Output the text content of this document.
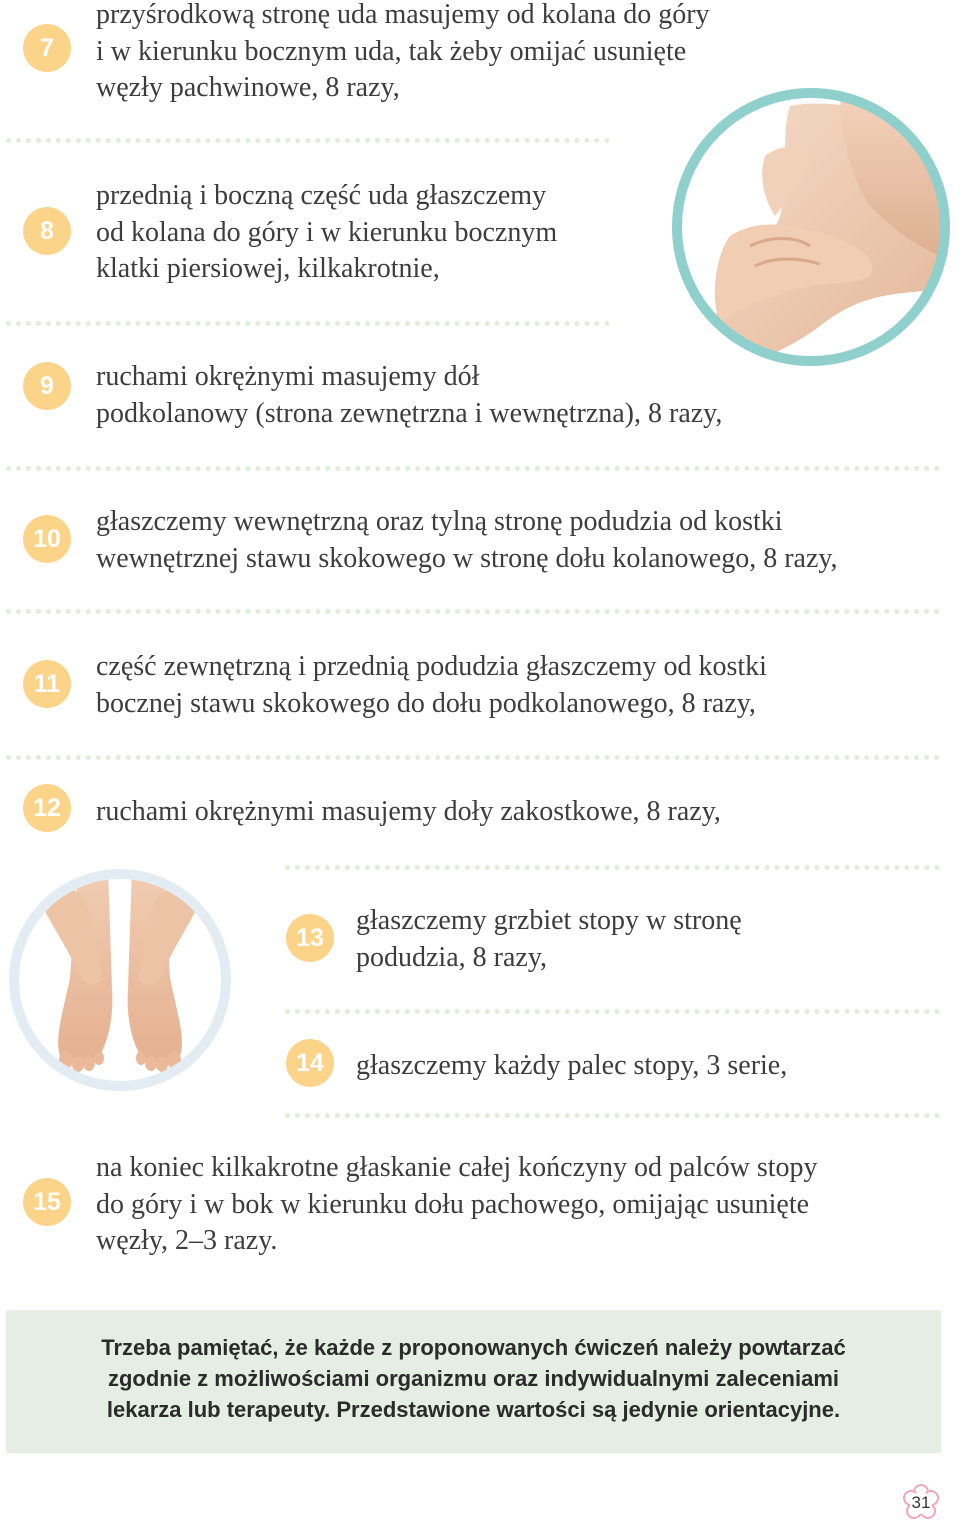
7
przyśrodkową stronę uda masujemy od kolana do góry
i w kierunku bocznym uda, tak żeby omijać usunięte
węzły pachwinowe, 8 razy,
8
przednią i boczną część uda głaszczemy
od kolana do góry i w kierunku bocznym
klatki piersiowej, kilkakrotnie,
9	ruchami okrężnymi masujemy dół
podkolanowy (strona zewnętrzna i wewnętrzna), 8 razy,
10
głaszczemy wewnętrzną oraz tylną stronę podudzia od kostki
wewnętrznej stawu skokowego w stronę dołu kolanowego, 8 razy,
11
część zewnętrzną i przednią podudzia głaszczemy od kostki
bocznej stawu skokowego do dołu podkolanowego, 8 razy,
12	ruchami okrężnymi masujemy doły zakostkowe, 8 razy,
13
głaszczemy grzbiet stopy w stronę
podudzia, 8 razy,
14	głaszczemy każdy palec stopy, 3 serie,
15
na koniec kilkakrotne głaskanie całej kończyny od palców stopy
do góry i w bok w kierunku dołu pachowego, omijając usunięte
węzły, 2–3 razy.
Trzeba pamiętać, że każde z proponowanych ćwiczeń należy powtarzać
zgodnie z możliwościami organizmu oraz indywidualnymi zaleceniami
lekarza lub terapeuty. Przedstawione wartości są jedynie orientacyjne.
31
